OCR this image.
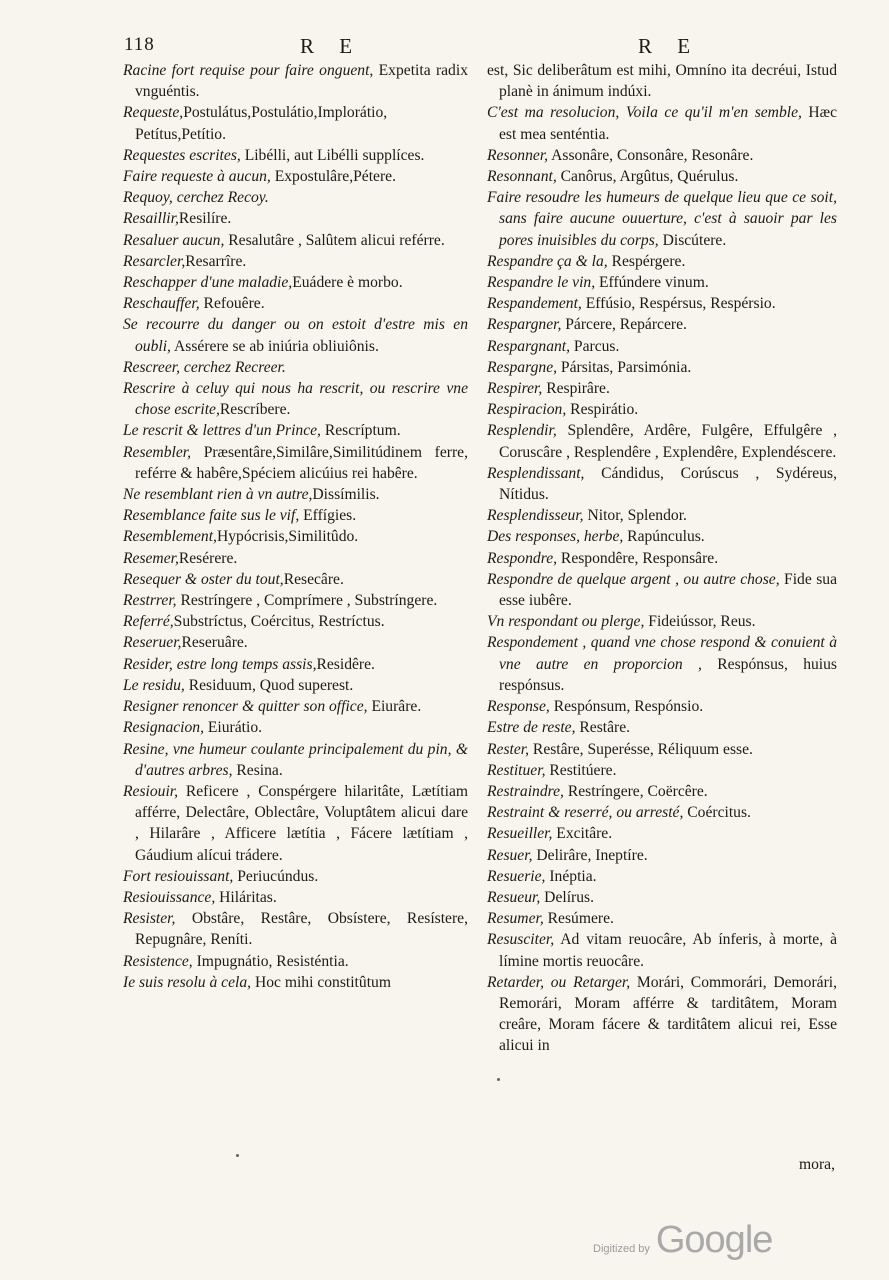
118	R E	R E

Racine fort requise pour faire onguent, Expetita radix vnguéntis.

Requeste,Postulátus,Postulátio,Implorátio, Petítus,Petítio.

Requestes escrites, Libélli, aut Libélli supplíces.

Faire requeste à aucun, Expostulâre,Pétere.

Requoy, cerchez Recoy.

Resaillir,Resilíre.

Resaluer aucun, Resalutâre , Salûtem alicui reférre.

Resarcler,Resarrîre.

Reschapper d'une maladie,Euádere è morbo.

Reschauffer, Refouêre.

Se recourre du danger ou on estoit d'estre mis en oubli, Assérere se ab iniúria obliuiônis.

Rescreer, cerchez Recreer.

Rescrire à celuy qui nous ha rescrit, ou rescrire vne chose escrite,Rescríbere.

Le rescrit & lettres d'un Prince, Rescríptum.

Resembler, Præsentâre,Similâre,Similitúdinem ferre, reférre & habêre,Spéciem alicúius rei habêre.

Ne resemblant rien à vn autre,Dissímilis.

Resemblance faite sus le vif, Effígies.

Resemblement,Hypócrisis,Similitûdo.

Resemer,Resérere.

Resequer & oster du tout,Resecâre.

Restrrer, Restríngere , Comprímere , Substríngere.

Referré,Substríctus, Coércitus, Restríctus.

Reseruer,Reseruâre.

Resider, estre long temps assis,Residêre.

Le residu, Residuum, Quod superest.

Resigner renoncer & quitter son office, Eiurâre.

Resignacion, Eiurátio.

Resine, vne humeur coulante principalement du pin, & d'autres arbres, Resina.

Resiouir, Reficere , Conspérgere hilaritâte, Lætítiam afférre, Delectâre, Oblectâre, Voluptâtem alicui dare , Hilarâre , Afficere lætítia , Fácere lætítiam , Gáudium alícui trádere.

Fort resiouissant, Periucúndus.

Resiouissance, Hiláritas.

Resister, Obstâre, Restâre, Obsístere, Resístere, Repugnâre, Reníti.

Resistence, Impugnátio, Resisténtia.

Ie suis resolu à cela, Hoc mihi constitûtum

est, Sic deliberâtum est mihi, Omníno ita decréui, Istud planè in ánimum indúxi.

C'est ma resolucion, Voila ce qu'il m'en semble, Hæc est mea senténtia.

Resonner, Assonâre, Consonâre, Resonâre.

Resonnant, Canôrus, Argûtus, Quérulus.

Faire resoudre les humeurs de quelque lieu que ce soit, sans faire aucune ouuerture, c'est à sauoir par les pores inuisibles du corps, Discútere.

Respandre ça & la, Respérgere.

Respandre le vin, Effúndere vinum.

Respandement, Effúsio, Respérsus, Respérsio.

Respargner, Párcere, Repárcere.

Respargnant, Parcus.

Respargne, Pársitas, Parsimónia.

Respirer, Respirâre.

Respiracion, Respirátio.

Resplendir, Splendêre, Ardêre, Fulgêre, Effulgêre , Coruscâre , Resplendêre , Explendêre, Explendéscere.

Resplendissant, Cándidus, Corúscus , Sydéreus, Nítidus.

Resplendisseur, Nitor, Splendor.

Des responses, herbe, Rapúnculus.

Respondre, Respondêre, Responsâre.

Respondre de quelque argent , ou autre chose, Fide sua esse iubêre.

Vn respondant ou plerge, Fideiússor, Reus.

Respondement , quand vne chose respond & conuient à vne autre en proporcion , Respónsus, huius respónsus.

Response, Respónsum, Respónsio.

Estre de reste, Restâre.

Rester, Restâre, Superésse, Réliquum esse.

Restituer, Restitúere.

Restraindre, Restríngere, Coërcêre.

Restraint & reserré, ou arresté, Coércitus.

Resueiller, Excitâre.

Resuer, Delirâre, Ineptíre.

Resuerie, Inéptia.

Resueur, Delírus.

Resumer, Resúmere.

Resusciter, Ad vitam reuocâre, Ab ínferis, à morte, à límine mortis reuocâre.

Retarder, ou Retarger, Morári, Commorári, Demorári, Remorári, Moram afférre & tarditâtem, Moram creâre, Moram fácere & tarditâtem alicui rei, Esse alicui in

mora,
Digitized by Google
